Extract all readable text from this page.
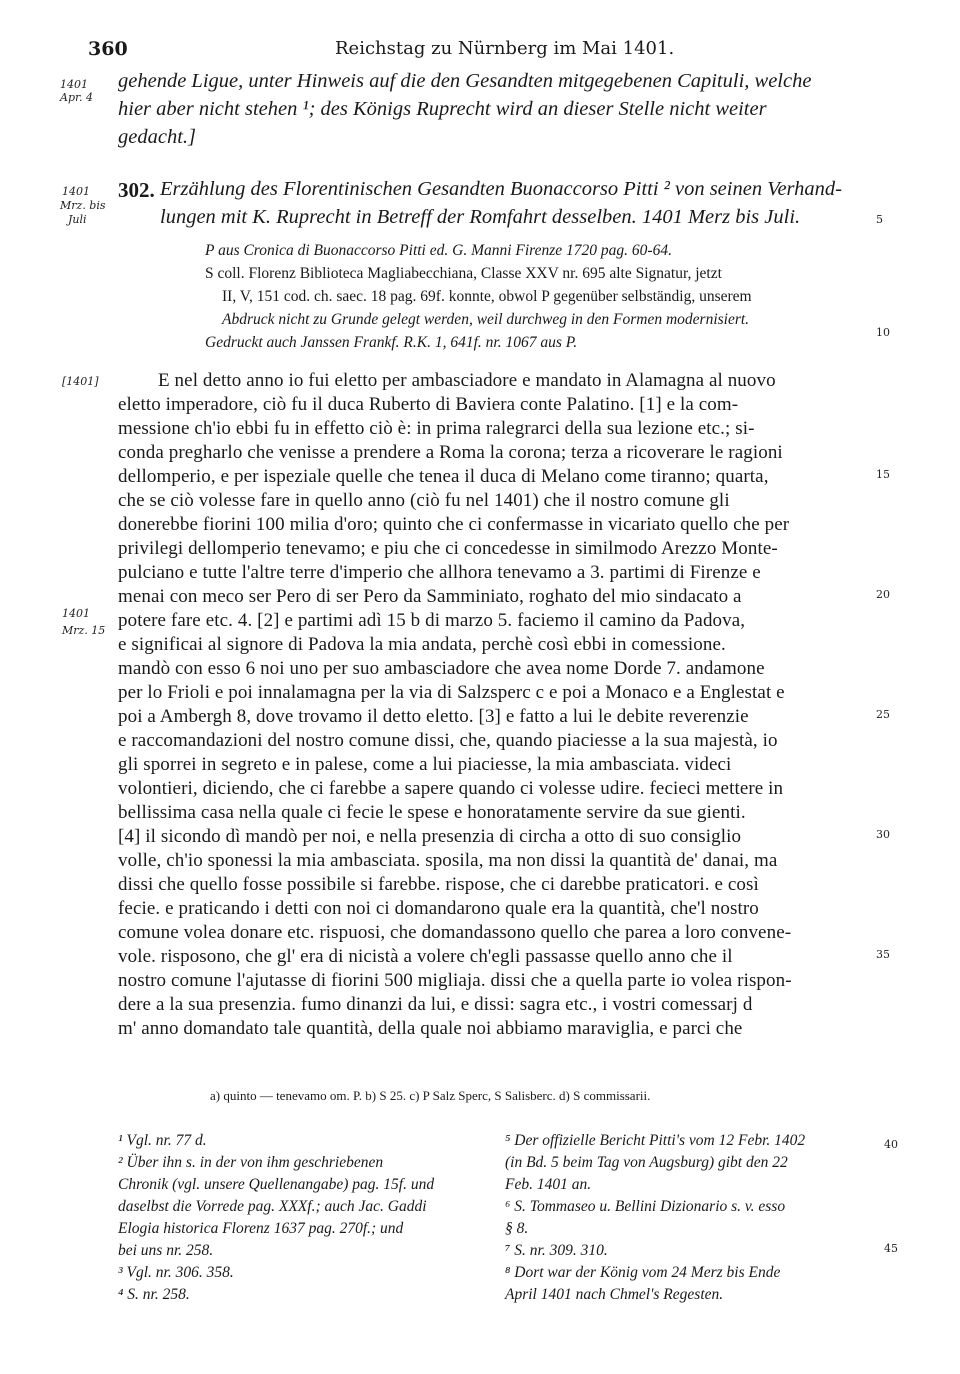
360	Reichstag zu Nürnberg im Mai 1401.
1401
Apr. 4
gehende Ligue, unter Hinweis auf die den Gesandten mitgegebenen Capituli, welche
hier aber nicht stehen ¹; des Königs Ruprecht wird an dieser Stelle nicht weiter
gedacht.]
1401
Mrz. bis
Juli
302. Erzählung des Florentinischen Gesandten Buonaccorso Pitti ² von seinen Verhand-
lungen mit K. Ruprecht in Betreff der Romfahrt desselben. 1401 Merz bis Juli.	5
P aus Cronica di Buonaccorso Pitti ed. G. Manni Firenze 1720 pag. 60-64.
S coll. Florenz Biblioteca Magliabecchiana, Classe XXV nr. 695 alte Signatur, jetzt
II, V, 151 cod. ch. saec. 18 pag. 69f. konnte, obwol P gegenüber selbständig, unserem
Abdruck nicht zu Grunde gelegt werden, weil durchweg in den Formen modernisiert.
Gedruckt auch Janssen Frankf. R.K. 1, 641f. nr. 1067 aus P.
10
[1401]
1401
Mrz. 15
E nel detto anno io fui eletto per ambasciadore e mandato in Alamagna al nuovo
eletto imperadore, ciò fu il duca Ruberto di Baviera conte Palatino. [1] e la com-
messione ch'io ebbi fu in effetto ciò è: in prima ralegrarci della sua lezione etc.; si-
conda pregharlo che venisse a prendere a Roma la corona; terza a ricoverare le ragioni
dellomperio, e per ispeziale quelle che tenea il duca di Melano come tiranno; quarta,
che se ciò volesse fare in quello anno (ciò fu nel 1401) che il nostro comune gli
donerebbe fiorini 100 milia d'oro; quinto che ci confermasse in vicariato quello che per
privilegi dellomperio tenevamo; e piu che ci concedesse in similmodo Arezzo Monte-
pulciano e tutte l'altre terre d'imperio che allhora tenevamo a 3. partimi di Firenze e
menai con meco ser Pero di ser Pero da Samminiato, roghato del mio sindacato a
potere fare etc. 4. [2] e partimi adì 15 b di marzo 5. faciemo il camino da Padova,
e significai al signore di Padova la mia andata, perchè così ebbi in comessione.
mandò con esso 6 noi uno per suo ambasciadore che avea nome Dorde 7. andamone
per lo Frioli e poi innalamagna per la via di Salzsperc c e poi a Monaco e a Englestat e
poi a Ambergh 8, dove trovamo il detto eletto. [3] e fatto a lui le debite reverenzie
e raccomandazioni del nostro comune dissi, che, quando piaciesse a la sua majestà, io
gli sporrei in segreto e in palese, come a lui piaciesse, la mia ambasciata. videci
volontieri, diciendo, che ci farebbe a sapere quando ci volesse udire. fecieci mettere in
bellissima casa nella quale ci fecie le spese e honoratamente servire da sue gienti.
[4] il sicondo dì mandò per noi, e nella presenzia di circha a otto di suo consiglio
volle, ch'io sponessi la mia ambasciata. sposila, ma non dissi la quantità de' danai, ma
dissi che quello fosse possibile si farebbe. rispose, che ci darebbe praticatori. e così
fecie. e praticando i detti con noi ci domandarono quale era la quantità, che'l nostro
comune volea donare etc. rispuosi, che domandassono quello che parea a loro convene-
vole. risposono, che gl' era di nicistà a volere ch'egli passasse quello anno che il
nostro comune l'ajutasse di fiorini 500 migliaja. dissi che a quella parte io volea rispon-
dere a la sua presenzia. fumo dinanzi da lui, e dissi: sagra etc., i vostri comessarj d
m' anno domandato tale quantità, della quale noi abbiamo maraviglia, e parci che
15
20
25
30
35
a) quinto — tenevamo om. P. b) S 25. c) P Salz Sperc, S Salisberc. d) S commissarii.
¹ Vgl. nr. 77 d.
² Über ihn s. in der von ihm geschriebenen
Chronik (vgl. unsere Quellenangabe) pag. 15f. und
daselbst die Vorrede pag. XXXf.; auch Jac. Gaddi
Elogia historica Florenz 1637 pag. 270f.; und
bei uns nr. 258.
³ Vgl. nr. 306. 358.
⁴ S. nr. 258.
⁵ Der offizielle Bericht Pitti's vom 12 Febr. 1402
(in Bd. 5 beim Tag von Augsburg) gibt den 22
Feb. 1401 an.
⁶ S. Tommaseo u. Bellini Dizionario s. v. esso
§ 8.
⁷ S. nr. 309. 310.
⁸ Dort war der König vom 24 Merz bis Ende
April 1401 nach Chmel's Regesten.
40
45
